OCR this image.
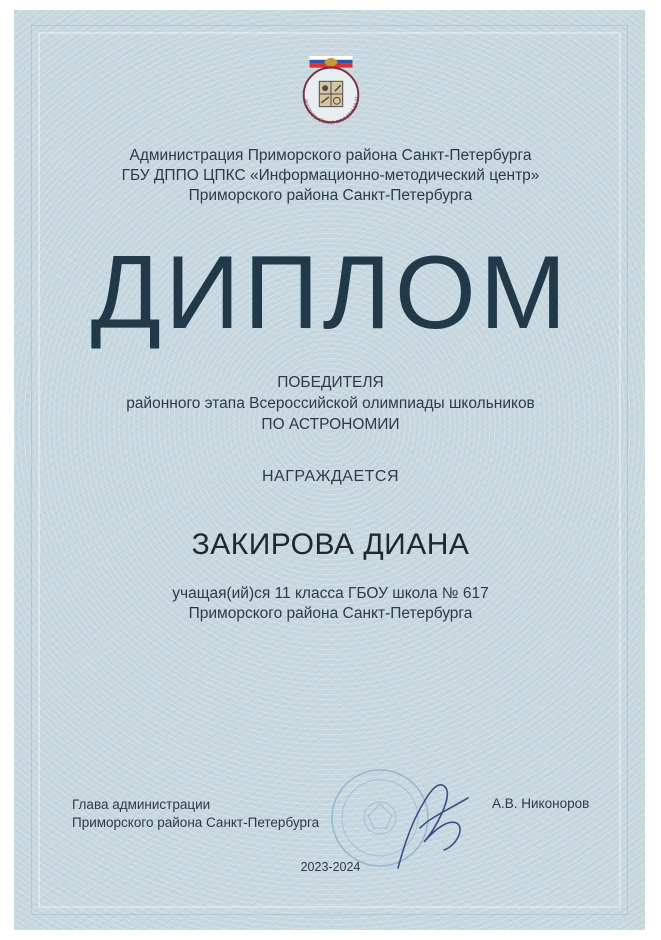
ВСЕРОССИЙСКАЯ ОЛИМПИАДА Ш
Администрация Приморского района Санкт-Петербурга
ГБУ ДППО ЦПКС «Информационно-методический центр»
Приморского района Санкт-Петербурга
ДИПЛОМ
ПОБЕДИТЕЛЯ
районного этапа Всероссийской олимпиады школьников
ПО АСТРОНОМИИ
НАГРАЖДАЕТСЯ
ЗАКИРОВА ДИАНА
учащая(ий)ся 11 класса ГБОУ школа № 617
Приморского района Санкт-Петербурга
Глава администрации
Приморского района Санкт-Петербурга
А.В. Никоноров
2023-2024
